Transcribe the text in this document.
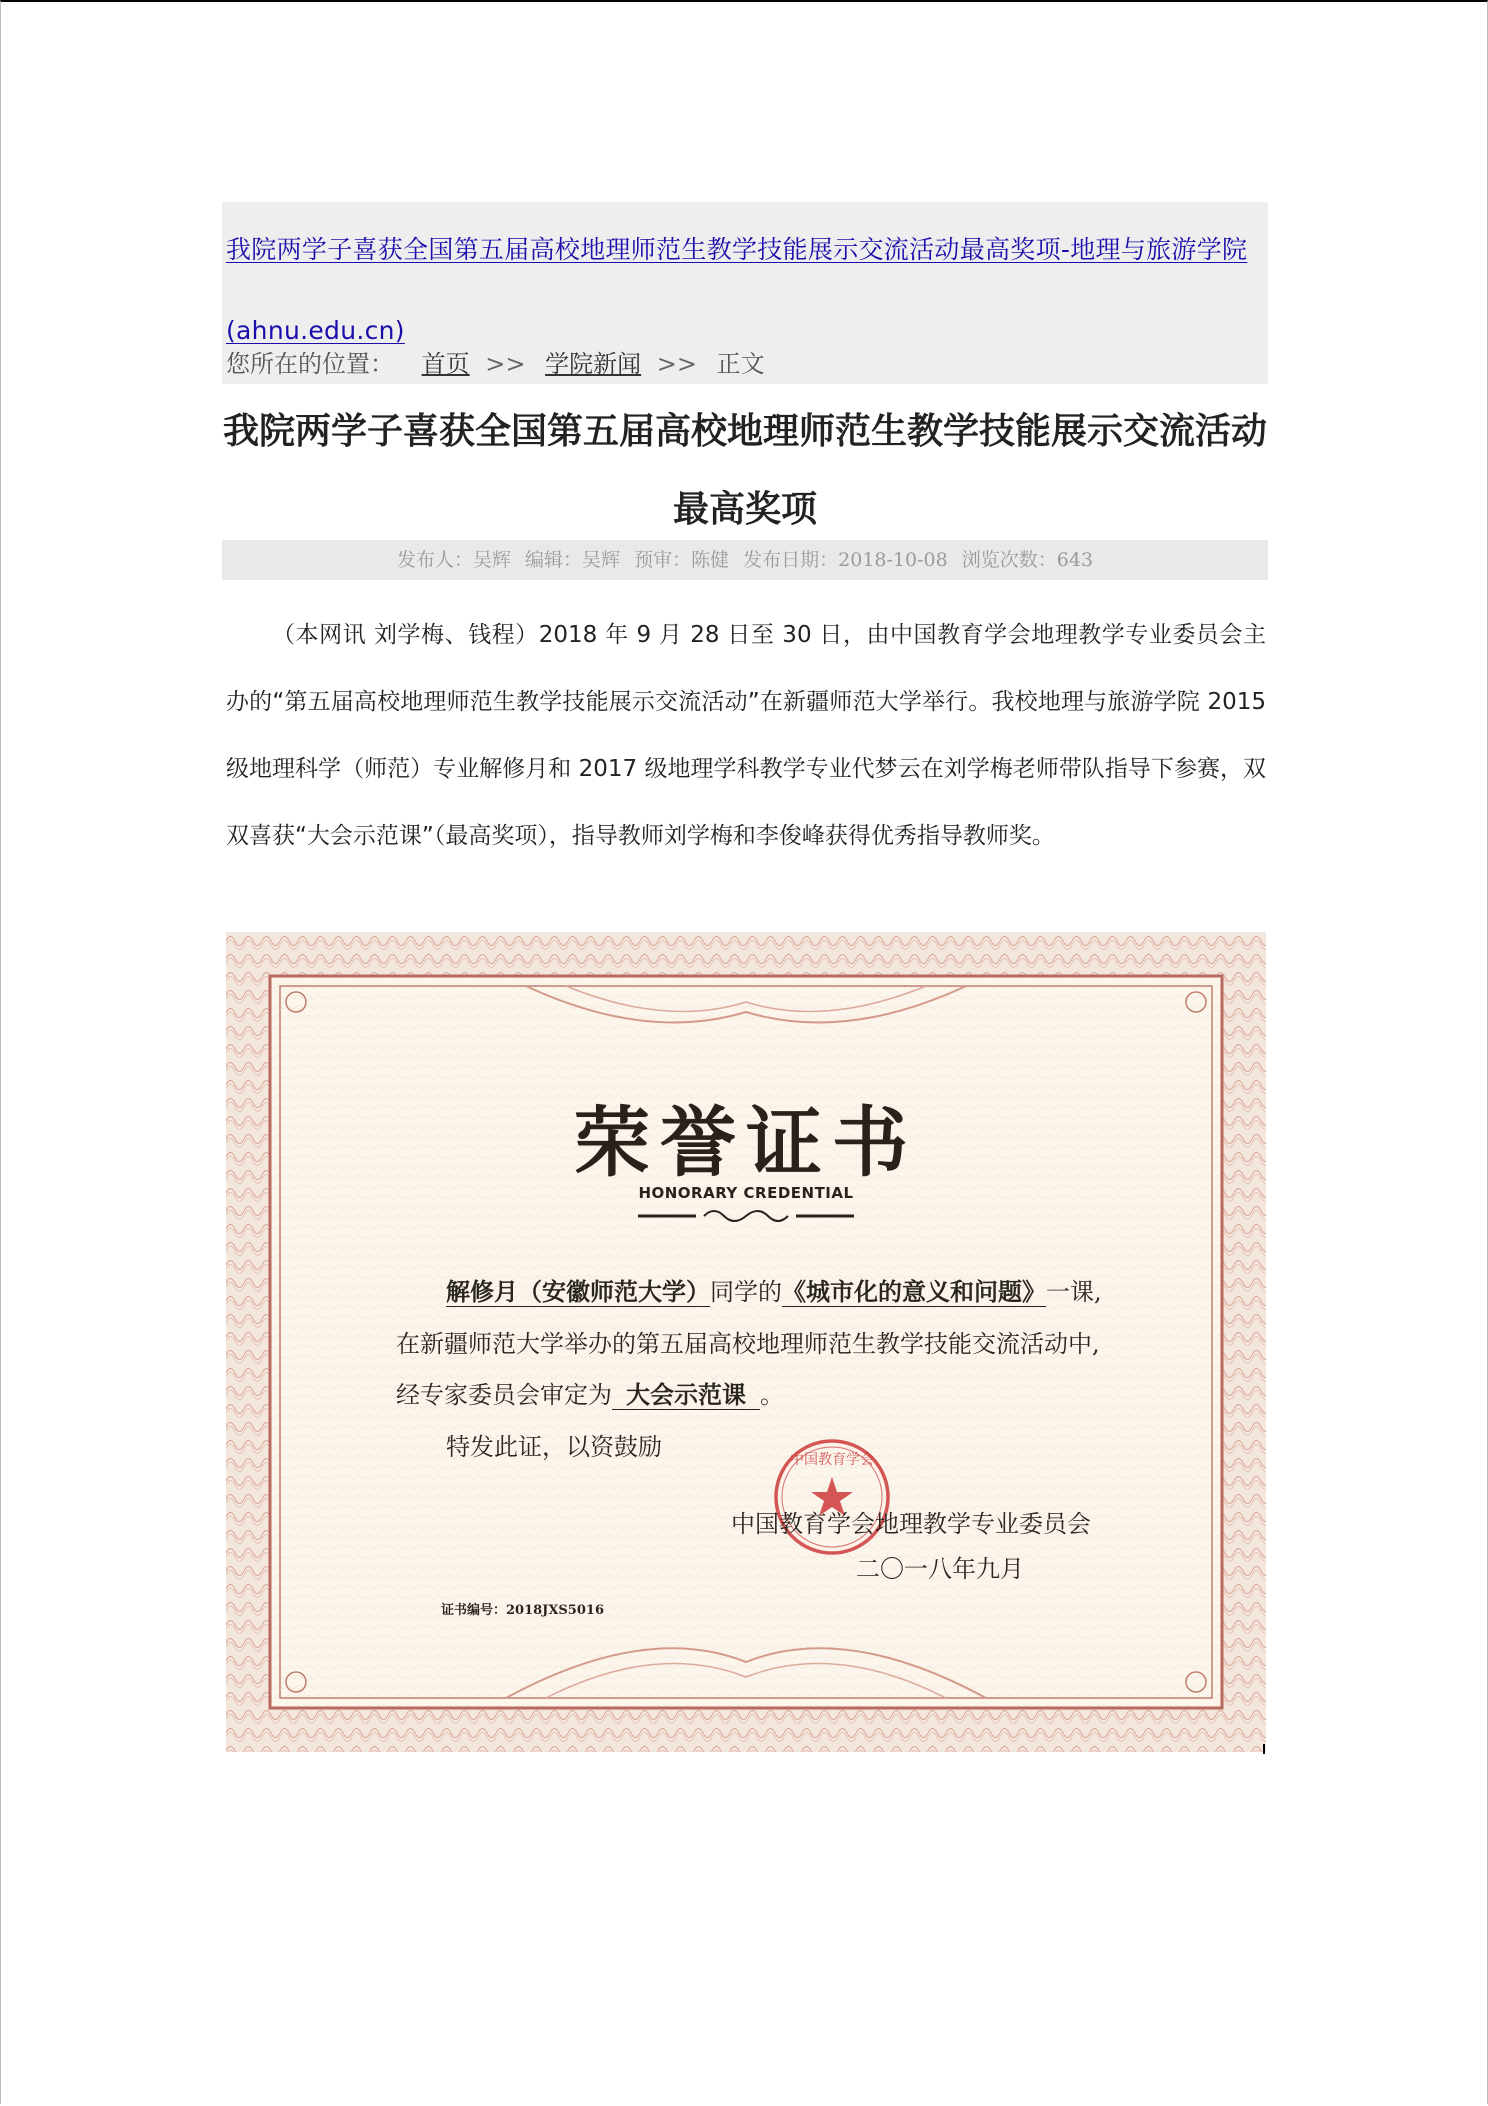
我院两学子喜获全国第五届高校地理师范生教学技能展示交流活动最高奖项-地理与旅游学院 (ahnu.edu.cn)

您所在的位置： 首页 >> 学院新闻 >> 正文
我院两学子喜获全国第五届高校地理师范生教学技能展示交流活动最高奖项
发布人：吴辉 编辑：吴辉 预审：陈健 发布日期：2018-10-08 浏览次数：643

（本网讯 刘学梅、钱程）2018 年 9 月 28 日至 30 日，由中国教育学会地理教学专业委员会主办的“第五届高校地理师范生教学技能展示交流活动”在新疆师范大学举行。我校地理与旅游学院 2015 级地理科学（师范）专业解修月和 2017 级地理学科教学专业代梦云在刘学梅老师带队指导下参赛，双双喜获“大会示范课”（最高奖项），指导教师刘学梅和李俊峰获得优秀指导教师奖。

中国教育学会
荣誉证书
HONORARY CREDENTIAL
解修月（安徽师范大学）同学的《城市化的意义和问题》一课,
在新疆师范大学举办的第五届高校地理师范生教学技能交流活动中,
经专家委员会审定为 大会示范课 。
特发此证，以资鼓励
中国教育学会地理教学专业委员会
二〇一八年九月
证书编号：2018JXS5016
